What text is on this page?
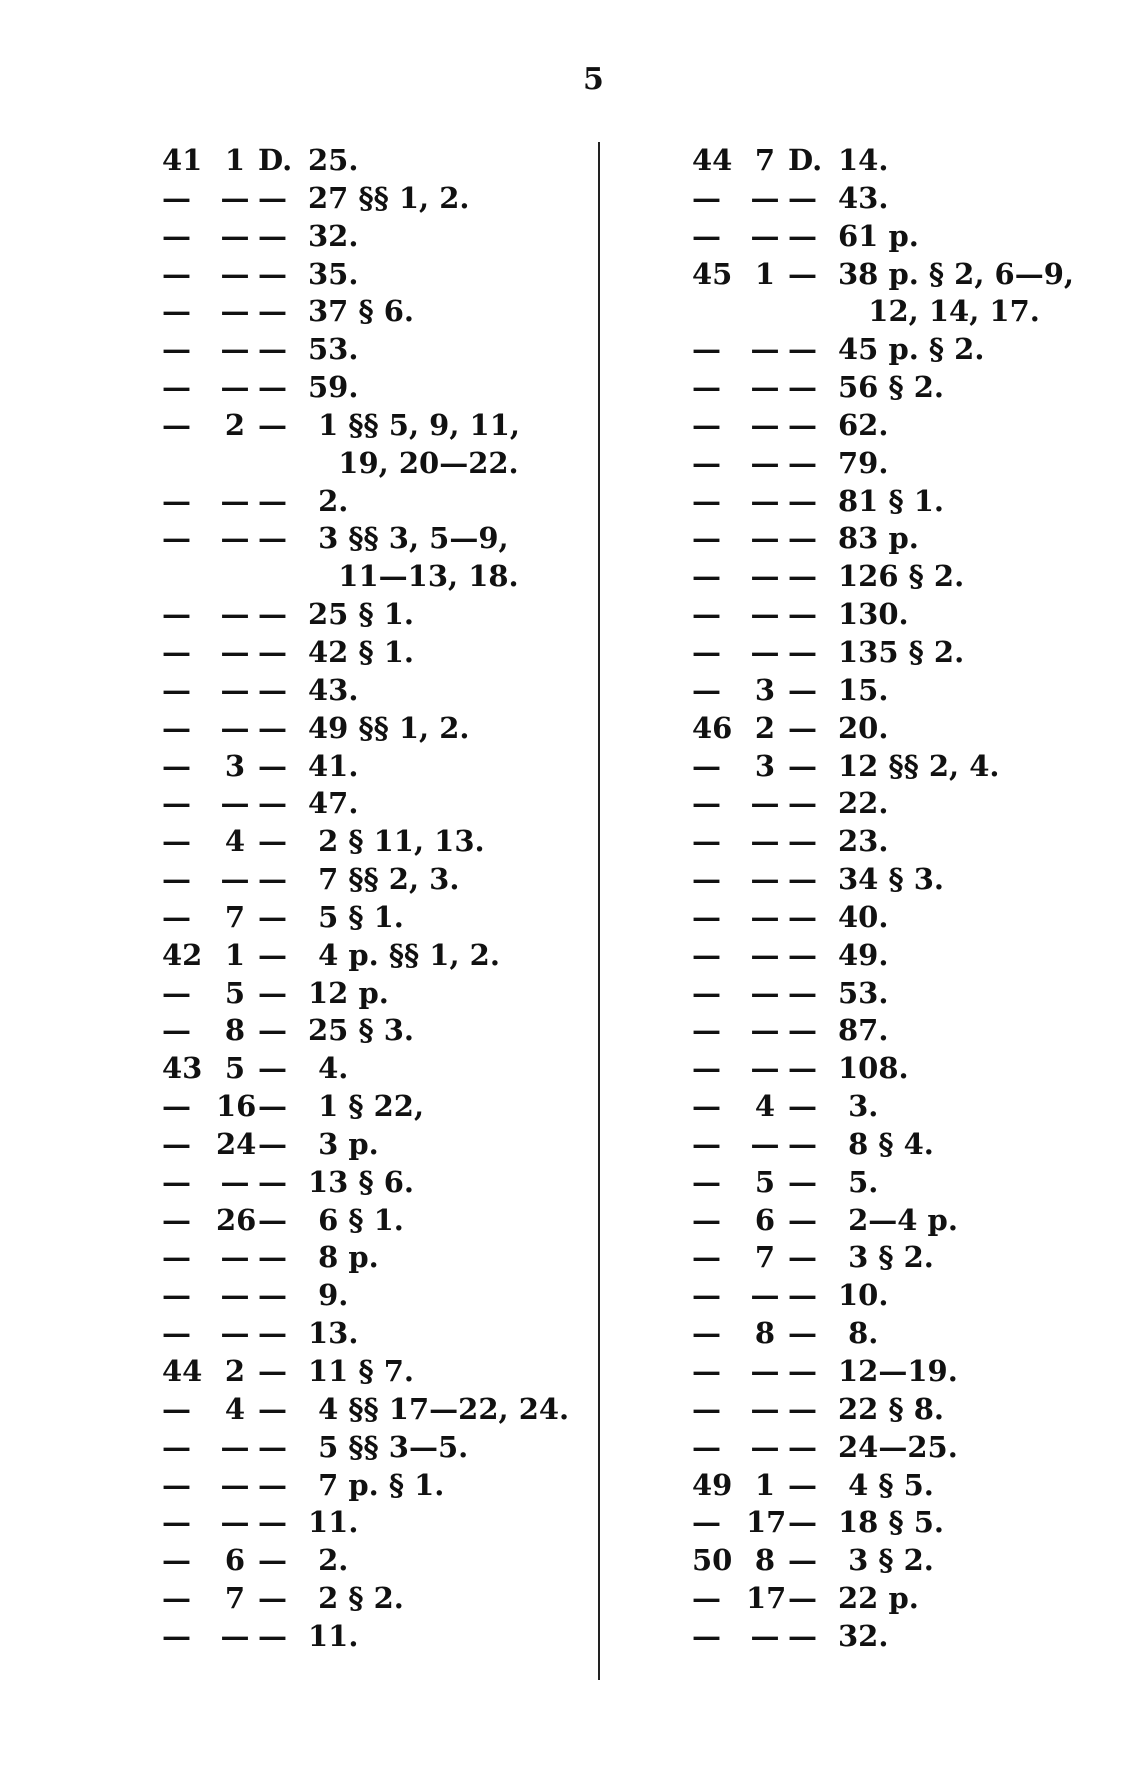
5
41 1 D. 25.
—	— — 27 §§ 1, 2.
—	— — 32.
—	— — 35.
—	— — 37 § 6.
—	— — 53.
—	— — 59.
—	2 — 1 §§ 5, 9, 11,
19, 20—22.
—	— — 2.
—	— — 3 §§ 3, 5—9,
11—13, 18.
—	— — 25 § 1.
—	— — 42 § 1.
—	— — 43.
—	— — 49 §§ 1, 2.
—	3 — 41.
—	— — 47.
—	4 — 2 § 11, 13.
—	— — 7 §§ 2, 3.
—	7 — 5 § 1.
42 1 — 4 p. §§ 1, 2.
—	5 — 12 p.
—	8 — 25 § 3.
43 5 — 4.
— 16 — 1 § 22,
— 24 — 3 p.
—	— — 13 § 6.
— 26 — 6 § 1.
—	— — 8 p.
—	— — 9.
—	— — 13.
44 2 — 11 § 7.
—	4 — 4 §§ 17—22, 24.
—	— — 5 §§ 3—5.
—	— — 7 p. § 1.
—	— — 11.
—	6 — 2.
—	7 — 2 § 2.
—	— — 11.
44 7 D. 14.
—	— — 43.
—	— — 61 p.
45 1 — 38 p. § 2, 6—9,
12, 14, 17.
—	— — 45 p. § 2.
—	— — 56 § 2.
—	— — 62.
—	— — 79.
—	— — 81 § 1.
—	— — 83 p.
—	— — 126 § 2.
—	— — 130.
—	— — 135 § 2.
—	3 — 15.
46 2 — 20.
—	3 — 12 §§ 2, 4.
—	— — 22.
—	— — 23.
—	— — 34 § 3.
—	— — 40.
—	— — 49.
—	— — 53.
—	— — 87.
—	— — 108.
—	4 — 3.
—	— — 8 § 4.
—	5 — 5.
—	6 — 2—4 p.
—	7 — 3 § 2.
—	— — 10.
—	8 — 8.
—	— — 12—19.
—	— — 22 § 8.
—	— — 24—25.
49 1 — 4 § 5.
— 17 — 18 § 5.
50 8 — 3 § 2.
— 17 — 22 p.
—	— — 32.
